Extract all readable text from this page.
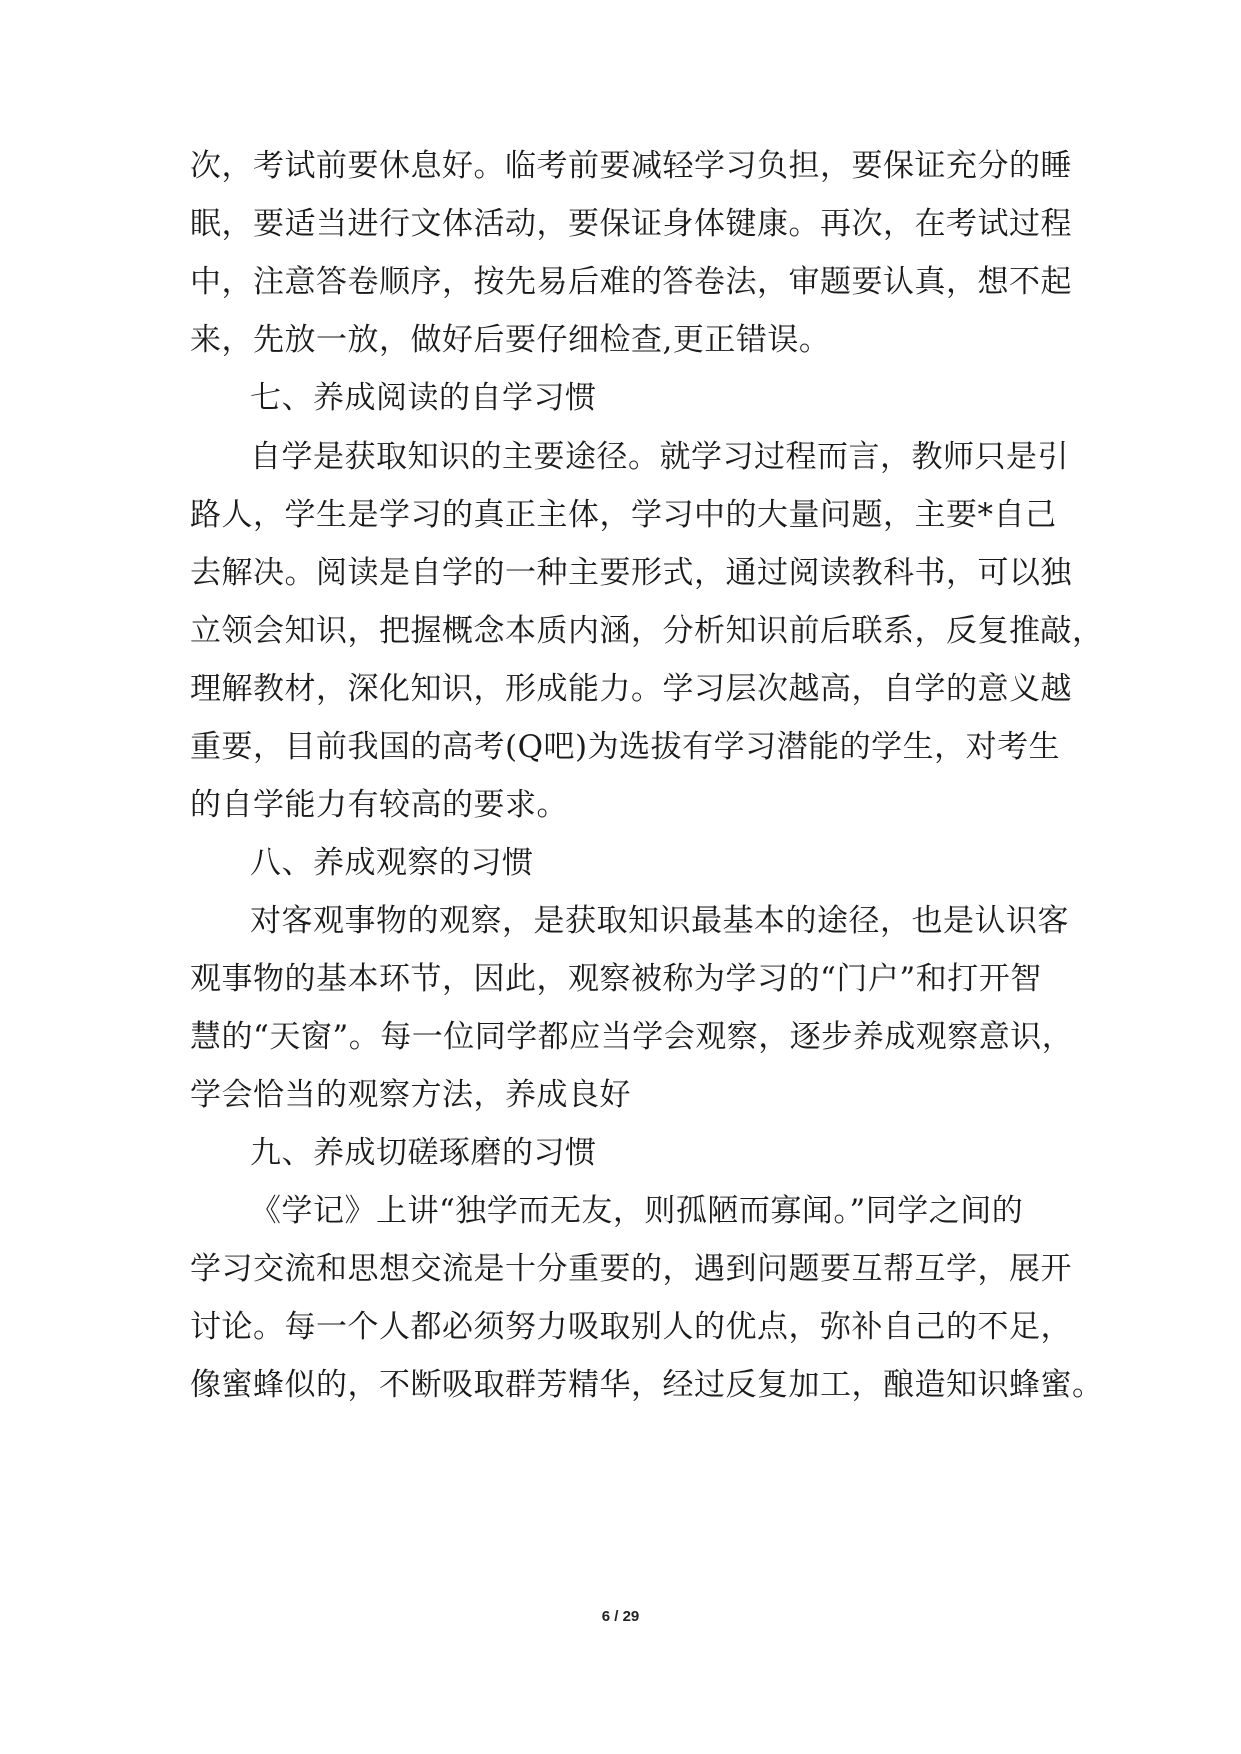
次，考试前要休息好。临考前要减轻学习负担，要保证充分的睡
眠，要适当进行文体活动，要保证身体键康。再次，在考试过程
中，注意答卷顺序，按先易后难的答卷法，审题要认真，想不起
来，先放一放，做好后要仔细检查,更正错误。
七、养成阅读的自学习惯
自学是获取知识的主要途径。就学习过程而言，教师只是引
路人，学生是学习的真正主体，学习中的大量问题，主要*自己
去解决。阅读是自学的一种主要形式，通过阅读教科书，可以独
立领会知识，把握概念本质内涵，分析知识前后联系，反复推敲，
理解教材，深化知识，形成能力。学习层次越高，自学的意义越
重要，目前我国的高考(Q吧)为选拔有学习潜能的学生，对考生
的自学能力有较高的要求。
八、养成观察的习惯
对客观事物的观察，是获取知识最基本的途径，也是认识客
观事物的基本环节，因此，观察被称为学习的“门户”和打开智
慧的“天窗”。每一位同学都应当学会观察，逐步养成观察意识，
学会恰当的观察方法，养成良好
九、养成切磋琢磨的习惯
《学记》上讲“独学而无友，则孤陋而寡闻。”同学之间的
学习交流和思想交流是十分重要的，遇到问题要互帮互学，展开
讨论。每一个人都必须努力吸取别人的优点，弥补自己的不足，
像蜜蜂似的，不断吸取群芳精华，经过反复加工，酿造知识蜂蜜。
6 / 29
